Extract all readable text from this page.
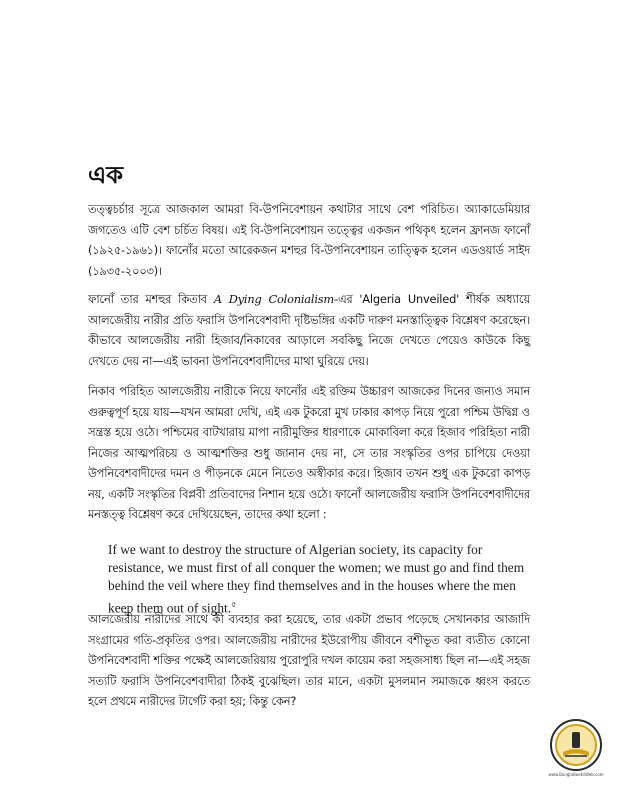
এক

তত্ত্বচর্চার সূত্রে আজকাল আমরা বি-উপনিবেশায়ন কথাটার সাথে বেশ পরিচিত। অ্যাকাডেমিয়ার জগতেও এটি বেশ চর্চিত বিষয়। এই বি-উপনিবেশায়ন তত্ত্বের একজন পথিকৃৎ হলেন ফ্রানজ ফানোঁ (১৯২৫-১৯৬১)। ফানোঁর মতো আরেকজন মশহুর বি-উপনিবেশায়ন তাত্ত্বিক হলেন এডওয়ার্ড সাইদ (১৯৩৫-২০০৩)।

ফানোঁ তার মশহুর কিতাব A Dying Colonialism-এর 'Algeria Unveiled' শীর্ষক অধ্যায়ে আলজেরীয় নারীর প্রতি ফরাসি উপনিবেশবাদী দৃষ্টিভঙ্গির একটি দারুণ মনস্তাত্ত্বিক বিশ্লেষণ করেছেন। কীভাবে আলজেরীয় নারী হিজাব/নিকাবের আড়ালে সবকিছু নিজে দেখতে পেয়েও কাউকে কিছু দেখতে দেয় না—এই ভাবনা উপনিবেশবাদীদের মাথা ঘুরিয়ে দেয়।

নিকাব পরিহিত আলজেরীয় নারীকে নিয়ে ফানোঁর এই রক্তিম উচ্চারণ আজকের দিনের জন্যও সমান গুরুত্বপূর্ণ হয়ে যায়—যখন আমরা দেখি, এই এক টুকরো মুখ ঢাকার কাপড় নিয়ে পুরো পশ্চিম উদ্বিগ্ন ও সন্ত্রস্ত হয়ে ওঠে। পশ্চিমের বাটখারায় মাপা নারীমুক্তির ধারণাকে মোকাবিলা করে হিজাব পরিহিতা নারী নিজের আত্মপরিচয় ও আত্মশক্তির শুধু জানান দেয় না, সে তার সংস্কৃতির ওপর চাপিয়ে দেওয়া উপনিবেশবাদীদের দমন ও পীড়নকে মেনে নিতেও অস্বীকার করে। হিজাব তখন শুধু এক টুকরো কাপড় নয়, একটি সংস্কৃতির বিপ্লবী প্রতিবাদের নিশান হয়ে ওঠে। ফানোঁ আলজেরীয় ফরাসি উপনিবেশবাদীদের মনস্তত্ত্ব বিশ্লেষণ করে দেখিয়েছেন, তাদের কথা হলো :

If we want to destroy the structure of Algerian society, its capacity for resistance, we must first of all conquer the women; we must go and find them behind the veil where they find themselves and in the houses where the men keep them out of sight.$^৫$

আলজেরীয় নারীদের সাথে কী ব্যবহার করা হয়েছে, তার একটা প্রভাব পড়েছে সেখানকার আজাদি সংগ্রামের গতি-প্রকৃতির ওপর। আলজেরীয় নারীদের ইউরোপীয় জীবনে বশীভূত করা ব্যতীত কোনো উপনিবেশবাদী শক্তির পক্ষেই আলজেরিয়ায় পুরোপুরি দখল কায়েম করা সহজসাধ্য ছিল না—এই সহজ সত্যটি ফরাসি উপনিবেশবাদীরা ঠিকই বুঝেছিল। তার মানে, একটা মুসলমান সমাজকে ধ্বংস করতে হলে প্রথমে নারীদের টার্গেট করা হয়; কিন্তু কেন?

www.BanglaBooksWeb.com
